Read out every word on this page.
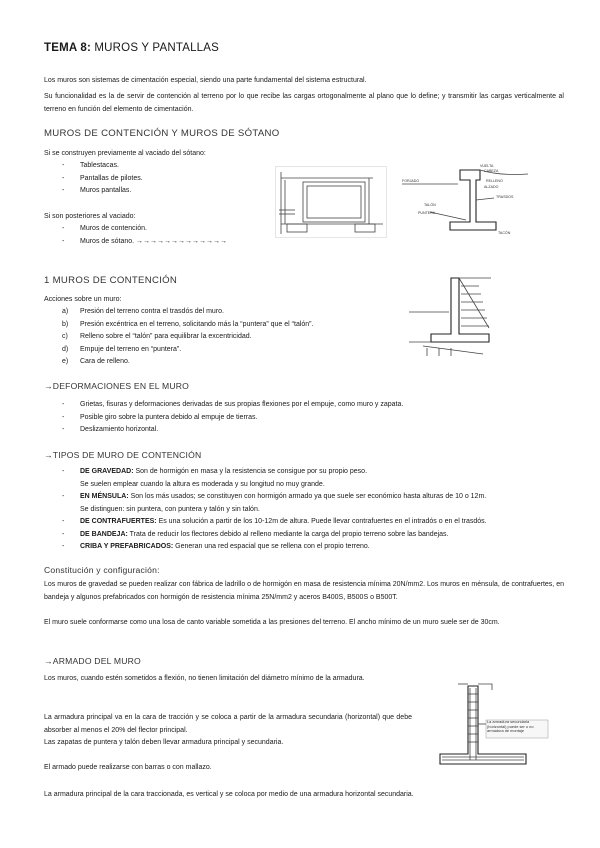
TEMA 8: MUROS Y PANTALLAS
Los muros son sistemas de cimentación especial, siendo una parte fundamental del sistema estructural.
Su funcionalidad es la de servir de contención al terreno por lo que recibe las cargas ortogonalmente al plano que lo define; y transmitir las cargas verticalmente al terreno en función del elemento de cimentación.
MUROS DE CONTENCIÓN Y MUROS DE SÓTANO
Si se construyen previamente al vaciado del sótano:
- Tablestacas.
- Pantallas de pilotes.
- Muros pantallas.
Si son posteriores al vaciado:
- Muros de contención.
- Muros de sótano. →→→→→→→→→→→→→
FORJADO
VUELTA
CABEZA
RELLENO
ALZADO
TRASDOS
PUNTERA
TALÓN
TACÓN
1 MUROS DE CONTENCIÓN
Acciones sobre un muro:
a) Presión del terreno contra el trasdós del muro.
b) Presión excéntrica en el terreno, solicitando más la “puntera” que el “talón”.
c) Relleno sobre el “talón” para equilibrar la excentricidad.
d) Empuje del terreno en “puntera”.
e) Cara de relleno.
→DEFORMACIONES EN EL MURO
- Grietas, fisuras y deformaciones derivadas de sus propias flexiones por el empuje, como muro y zapata.
- Posible giro sobre la puntera debido al empuje de tierras.
- Deslizamiento horizontal.
→TIPOS DE MURO DE CONTENCIÓN
- DE GRAVEDAD: Son de hormigón en masa y la resistencia se consigue por su propio peso.
Se suelen emplear cuando la altura es moderada y su longitud no muy grande.
- EN MÉNSULA: Son los más usados; se constituyen con hormigón armado ya que suele ser económico hasta alturas de 10 o 12m.
Se distinguen: sin puntera, con puntera y talón y sin talón.
- DE CONTRAFUERTES: Es una solución a partir de los 10-12m de altura. Puede llevar contrafuertes en el intradós o en el trasdós.
- DE BANDEJA: Trata de reducir los flectores debido al relleno mediante la carga del propio terreno sobre las bandejas.
- CRIBA Y PREFABRICADOS: Generan una red espacial que se rellena con el propio terreno.
Constitución y configuración:
Los muros de gravedad se pueden realizar con fábrica de ladrillo o de hormigón en masa de resistencia mínima 20N/mm2. Los muros en ménsula, de contrafuertes, en bandeja y algunos prefabricados con hormigón de resistencia mínima 25N/mm2 y aceros B400S, B500S o B500T.
El muro suele conformarse como una losa de canto variable sometida a las presiones del terreno. El ancho mínimo de un muro suele ser de 30cm.
→ARMADO DEL MURO
Los muros, cuando estén sometidos a flexión, no tienen limitación del diámetro mínimo de la armadura.
La armadura principal va en la cara de tracción y se coloca a partir de la armadura secundaria (horizontal) que debe absorber al menos el 20% del flector principal.
Las zapatas de puntera y talón deben llevar armadura principal y secundaria.
El armado puede realizarse con barras o con mallazo.
La armadura principal de la cara traccionada, es vertical y se coloca por medio de una armadura horizontal secundaria.
La armadura secundaria (horizontal) puede ser o no armadura de montaje
